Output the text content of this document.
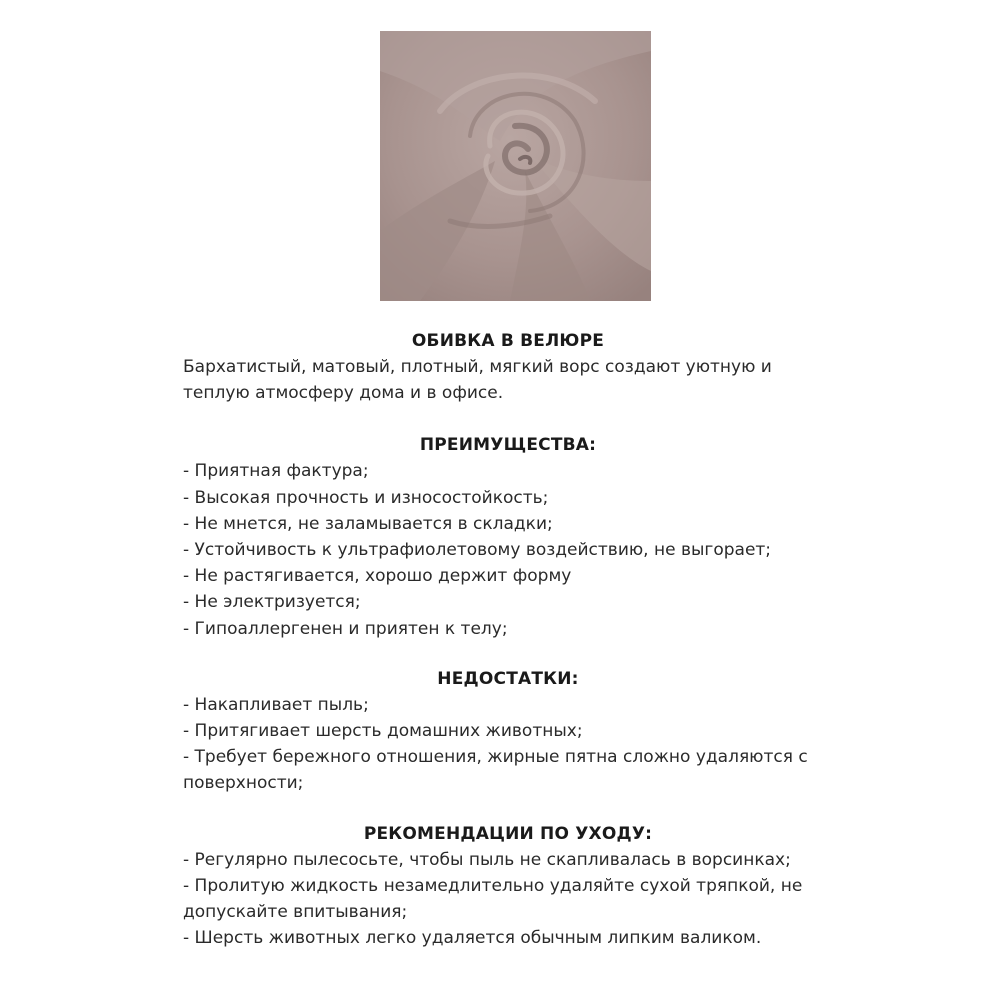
ОБИВКА В ВЕЛЮРЕ

Бархатистый, матовый, плотный, мягкий ворс создают уютную и теплую атмосферу дома и в офисе.

ПРЕИМУЩЕСТВА:
- Приятная фактура;
- Высокая прочность и износостойкость;
- Не мнется, не заламывается в складки;
- Устойчивость к ультрафиолетовому воздействию, не выгорает;
- Не растягивается, хорошо держит форму
- Не электризуется;
- Гипоаллергенен и приятен к телу;
НЕДОСТАТКИ:
- Накапливает пыль;
- Притягивает шерсть домашних животных;
- Требует бережного отношения, жирные пятна сложно удаляются с поверхности;
РЕКОМЕНДАЦИИ ПО УХОДУ:
- Регулярно пылесосьте, чтобы пыль не скапливалась в ворсинках;
- Пролитую жидкость незамедлительно удаляйте сухой тряпкой, не допускайте впитывания;
- Шерсть животных легко удаляется обычным липким валиком.
